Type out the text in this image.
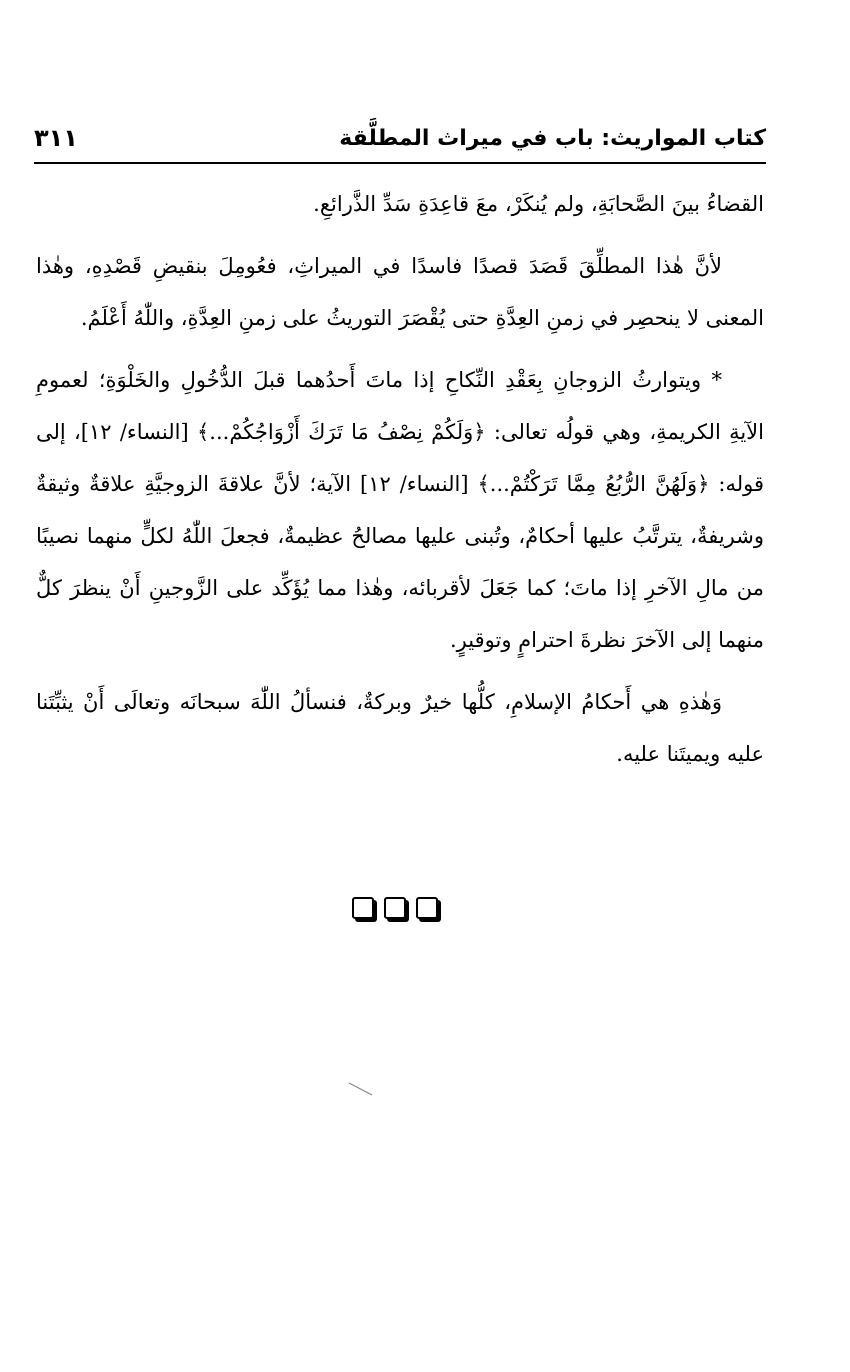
كتاب المواريث: باب في ميراث المطلَّقة
٣١١

القضاءُ بينَ الصَّحابَةِ، ولم يُنكَرْ، معَ قاعِدَةِ سَدِّ الذَّرائعِ.

لأنَّ هٰذا المطلِّقَ قَصَدَ قصدًا فاسدًا في الميراثِ، فعُومِلَ بنقيضِ قَصْدِهِ، وهٰذا المعنى لا ينحصِر في زمنِ العِدَّةِ حتى يُقْصَرَ التوريثُ على زمنِ العِدَّةِ، واللّٰهُ أَعْلَمُ.

* ويتوارثُ الزوجانِ بِعَقْدِ النِّكاحِ إذا ماتَ أَحدُهما قبلَ الدُّخُولِ والخَلْوَةِ؛ لعمومِ الآيةِ الكريمةِ، وهي قولُه تعالى: ﴿وَلَكُمْ نِصْفُ مَا تَرَكَ أَزْوَاجُكُمْ...﴾ [النساء/ ١٢]، إلى قوله: ﴿وَلَهُنَّ الرُّبُعُ مِمَّا تَرَكْتُمْ...﴾ [النساء/ ١٢] الآية؛ لأنَّ علاقةَ الزوجيَّةِ علاقةٌ وثيقةٌ وشريفةٌ، يترتَّبُ عليها أحكامٌ، وتُبنى عليها مصالحُ عظيمةٌ، فجعلَ اللّٰهُ لكلٍّ منهما نصيبًا من مالِ الآخرِ إذا ماتَ؛ كما جَعَلَ لأقربائه، وهٰذا مما يُؤَكِّد على الزَّوجينِ أَنْ ينظرَ كلٌّ منهما إلى الآخرَ نظرةَ احترامٍ وتوقيرٍ.

وَهٰذهِ هي أَحكامُ الإسلامِ، كلُّها خيرٌ وبركةٌ، فنسألُ اللّٰهَ سبحانَه وتعالَى أَنْ يثبِّتَنا عليه ويميتَنا عليه.
